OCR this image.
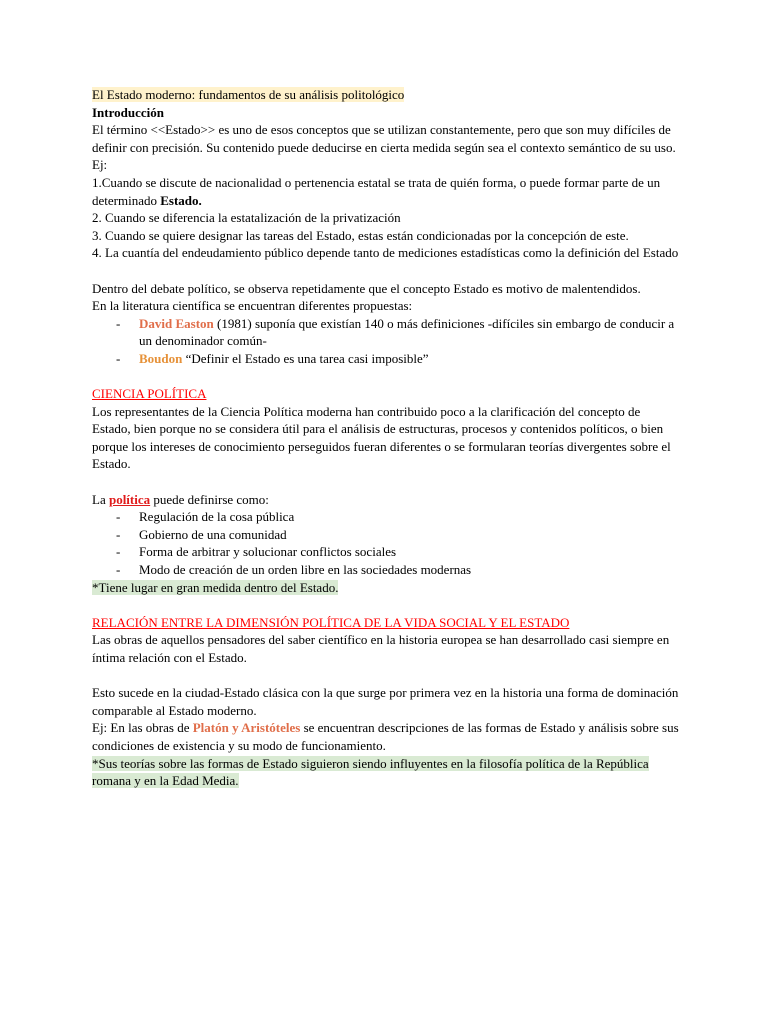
El Estado moderno: fundamentos de su análisis politológico

Introducción

El término <<Estado>> es uno de esos conceptos que se utilizan constantemente, pero que son muy difíciles de definir con precisión. Su contenido puede deducirse en cierta medida según sea el contexto semántico de su uso.

Ej:

1.Cuando se discute de nacionalidad o pertenencia estatal se trata de quién forma, o puede formar parte de un determinado Estado.

2. Cuando se diferencia la estatalización de la privatización

3. Cuando se quiere designar las tareas del Estado, estas están condicionadas por la concepción de este.

4. La cuantía del endeudamiento público depende tanto de mediciones estadísticas como la definición del Estado

Dentro del debate político, se observa repetidamente que el concepto Estado es motivo de malentendidos.

En la literatura científica se encuentran diferentes propuestas:

- David Easton (1981) suponía que existían 140 o más definiciones -difíciles sin embargo de conducir a un denominador común-
- Boudon “Definir el Estado es una tarea casi imposible”

CIENCIA POLÍTICA

Los representantes de la Ciencia Política moderna han contribuido poco a la clarificación del concepto de Estado, bien porque no se considera útil para el análisis de estructuras, procesos y contenidos políticos, o bien porque los intereses de conocimiento perseguidos fueran diferentes o se formularan teorías divergentes sobre el Estado.

La política puede definirse como:

- Regulación de la cosa pública
- Gobierno de una comunidad
- Forma de arbitrar y solucionar conflictos sociales
- Modo de creación de un orden libre en las sociedades modernas

*Tiene lugar en gran medida dentro del Estado.

RELACIÓN ENTRE LA DIMENSIÓN POLÍTICA DE LA VIDA SOCIAL Y EL ESTADO

Las obras de aquellos pensadores del saber científico en la historia europea se han desarrollado casi siempre en íntima relación con el Estado.

Esto sucede en la ciudad-Estado clásica con la que surge por primera vez en la historia una forma de dominación comparable al Estado moderno.

Ej: En las obras de Platón y Aristóteles se encuentran descripciones de las formas de Estado y análisis sobre sus condiciones de existencia y su modo de funcionamiento.

*Sus teorías sobre las formas de Estado siguieron siendo influyentes en la filosofía política de la República romana y en la Edad Media.
